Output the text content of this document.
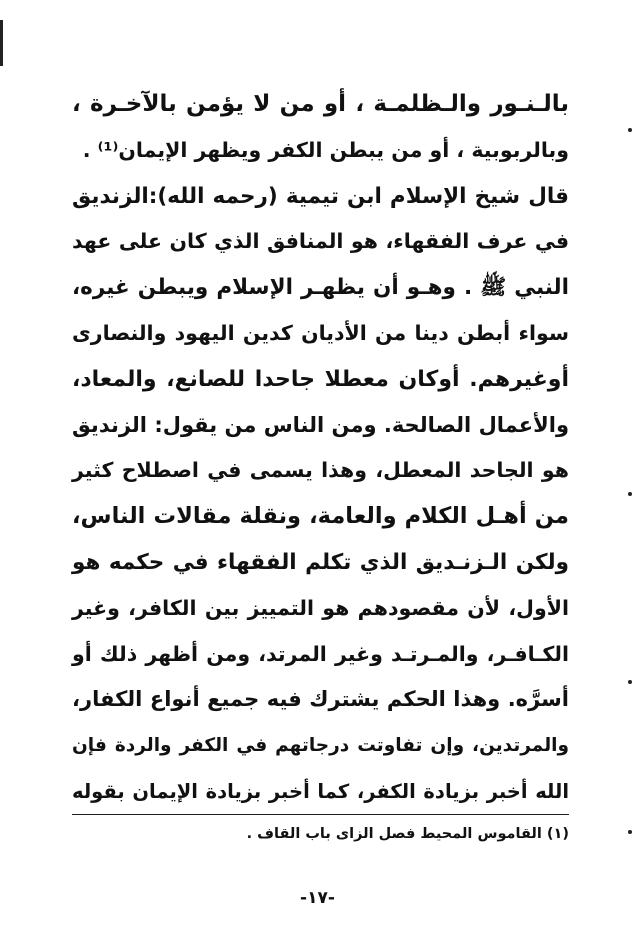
بالـنـور والـظلمـة ، أو من لا يؤمن بالآخـرة ،
وبالربوبية ، أو من يبطن الكفر ويظهر الإيمان⁽¹⁾ .
قال شيخ الإسلام ابن تيمية (رحمه الله):الزنديق
في عرف الفقهاء، هو المنافق الذي كان على عهد
النبي ﷺ . وهـو أن يظهـر الإسلام ويبطن غيره،
سواء أبطن دينا من الأديان كدين اليهود والنصارى
أوغيرهم. أوكان معطلا جاحدا للصانع، والمعاد،
والأعمال الصالحة. ومن الناس من يقول: الزنديق
هو الجاحد المعطل، وهذا يسمى في اصطلاح كثير
من أهـل الكلام والعامة، ونقلة مقالات الناس،
ولكن الـزنـديق الذي تكلم الفقهاء في حكمه هو
الأول، لأن مقصودهم هو التمييز بين الكافر، وغير
الكـافـر، والمـرتـد وغير المرتد، ومن أظهر ذلك أو
أسرَّه. وهذا الحكم يشترك فيه جميع أنواع الكفار،
والمرتدين، وإن تفاوتت درجاتهم في الكفر والردة فإن
الله أخبر بزيادة الكفر، كما أخبر بزيادة الإيمان بقوله
(١) القاموس المحيط فصل الزاى باب القاف .
-١٧-
